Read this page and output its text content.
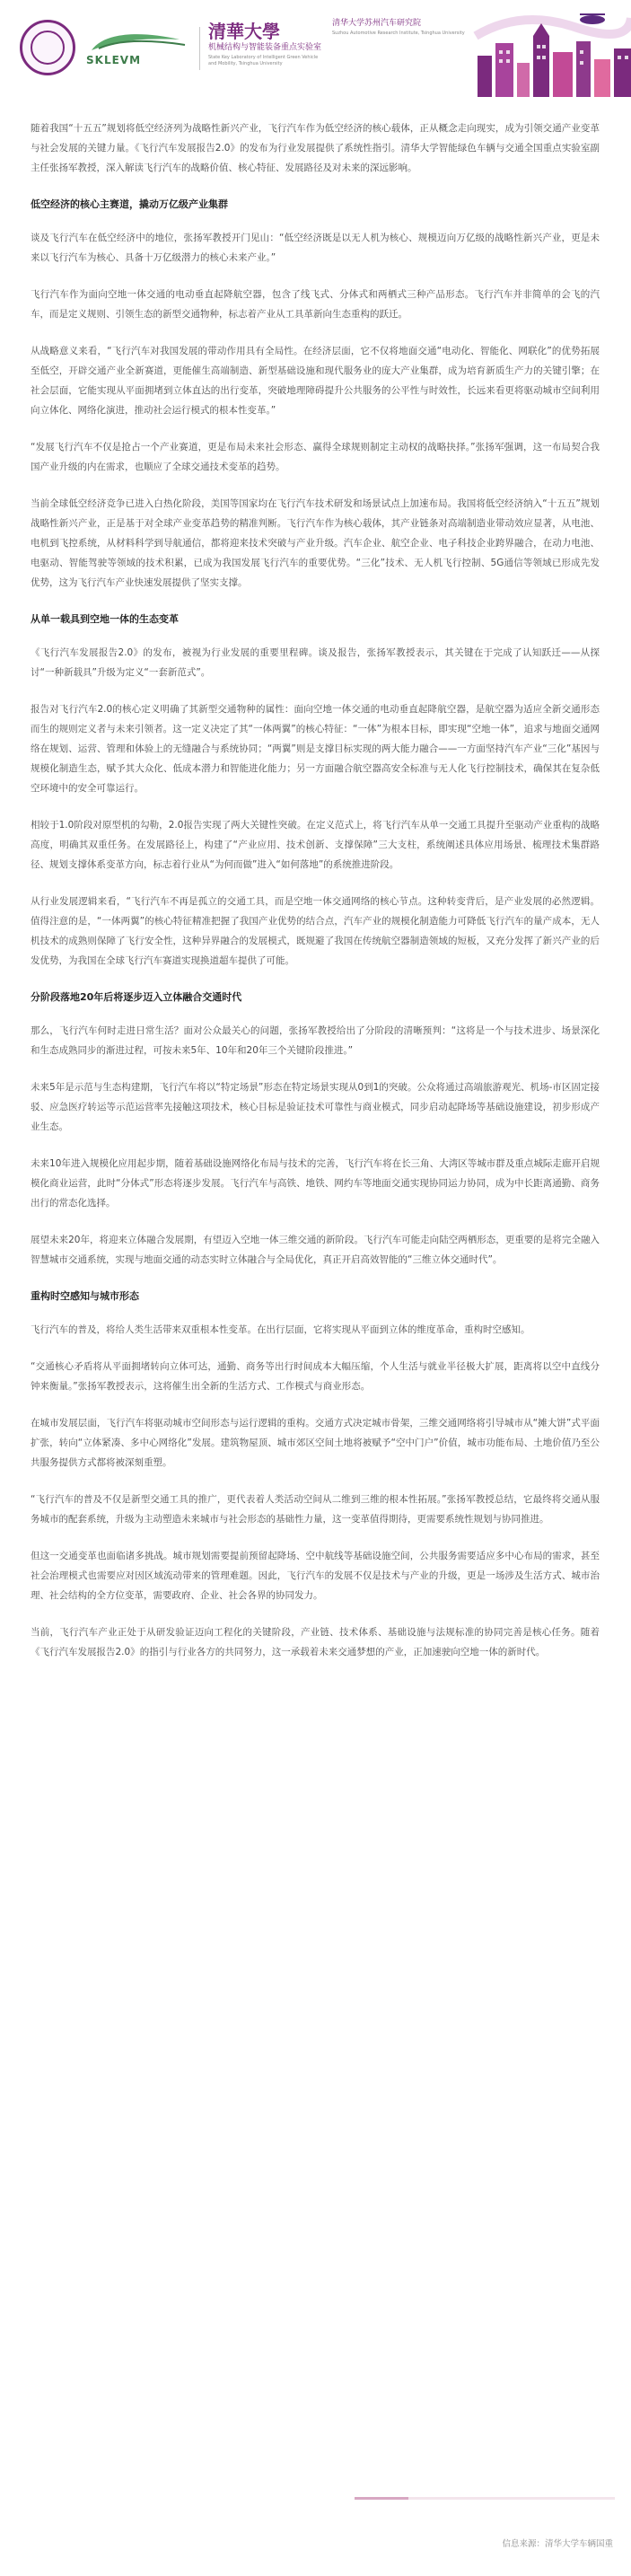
SKLEVM
清華大學
机械结构与智能装备重点实验室
State Key Laboratory of Intelligent Green Vehicle and Mobility, Tsinghua University
清华大学苏州汽车研究院
Suzhou Automotive Research Institute, Tsinghua University

随着我国“十五五”规划将低空经济列为战略性新兴产业，飞行汽车作为低空经济的核心载体，正从概念走向现实，成为引领交通产业变革与社会发展的关键力量。《飞行汽车发展报告2.0》的发布为行业发展提供了系统性指引。清华大学智能绿色车辆与交通全国重点实验室副主任张扬军教授，深入解读飞行汽车的战略价值、核心特征、发展路径及对未来的深远影响。

低空经济的核心主赛道，撬动万亿级产业集群

谈及飞行汽车在低空经济中的地位，张扬军教授开门见山：“低空经济既是以无人机为核心、规模迈向万亿级的战略性新兴产业，更是未来以飞行汽车为核心、具备十万亿级潜力的核心未来产业。”

飞行汽车作为面向空地一体交通的电动垂直起降航空器，包含了线飞式、分体式和两栖式三种产品形态。飞行汽车并非简单的会飞的汽车，而是定义规则、引领生态的新型交通物种，标志着产业从工具革新向生态重构的跃迁。

从战略意义来看，“飞行汽车对我国发展的带动作用具有全局性。在经济层面，它不仅将地面交通“电动化、智能化、网联化”的优势拓展至低空，开辟交通产业全新赛道，更能催生高端制造、新型基础设施和现代服务业的庞大产业集群，成为培育新质生产力的关键引擎；在社会层面，它能实现从平面拥堵到立体直达的出行变革，突破地理障碍提升公共服务的公平性与时效性，长远来看更将驱动城市空间利用向立体化、网络化演进，推动社会运行模式的根本性变革。”

“发展飞行汽车不仅是抢占一个产业赛道，更是布局未来社会形态、赢得全球规则制定主动权的战略抉择。”张扬军强调，这一布局契合我国产业升级的内在需求，也顺应了全球交通技术变革的趋势。

当前全球低空经济竞争已进入白热化阶段，美国等国家均在飞行汽车技术研发和场景试点上加速布局。我国将低空经济纳入“十五五”规划战略性新兴产业，正是基于对全球产业变革趋势的精准判断。飞行汽车作为核心载体，其产业链条对高端制造业带动效应显著，从电池、电机到飞控系统，从材料科学到导航通信，都将迎来技术突破与产业升级。汽车企业、航空企业、电子科技企业跨界融合，在动力电池、电驱动、智能驾驶等领域的技术积累，已成为我国发展飞行汽车的重要优势。“三化”技术、无人机飞行控制、5G通信等领域已形成先发优势，这为飞行汽车产业快速发展提供了坚实支撑。

从单一载具到空地一体的生态变革

《飞行汽车发展报告2.0》的发布，被视为行业发展的重要里程碑。谈及报告，张扬军教授表示，其关键在于完成了认知跃迁——从探讨“一种新载具”升级为定义“一套新范式”。

报告对飞行汽车2.0的核心定义明确了其新型交通物种的属性：面向空地一体交通的电动垂直起降航空器，是航空器为适应全新交通形态而生的规则定义者与未来引领者。这一定义决定了其“一体两翼”的核心特征：“一体”为根本目标，即实现“空地一体”，追求与地面交通网络在规划、运营、管理和体验上的无缝融合与系统协同；“两翼”则是支撑目标实现的两大能力融合——一方面坚持汽车产业“三化”基因与规模化制造生态，赋予其大众化、低成本潜力和智能进化能力；另一方面融合航空器高安全标准与无人化飞行控制技术，确保其在复杂低空环境中的安全可靠运行。

相较于1.0阶段对原型机的勾勒，2.0报告实现了两大关键性突破。在定义范式上，将飞行汽车从单一交通工具提升至驱动产业重构的战略高度，明确其双重任务。在发展路径上，构建了“产业应用、技术创新、支撑保障”三大支柱，系统阐述具体应用场景、梳理技术集群路径、规划支撑体系变革方向，标志着行业从“为何而做”进入“如何落地”的系统推进阶段。

从行业发展逻辑来看，“飞行汽车不再是孤立的交通工具，而是空地一体交通网络的核心节点。这种转变背后，是产业发展的必然逻辑。值得注意的是，“一体两翼”的核心特征精准把握了我国产业优势的结合点，汽车产业的规模化制造能力可降低飞行汽车的量产成本，无人机技术的成熟则保障了飞行安全性，这种异界融合的发展模式，既规避了我国在传统航空器制造领域的短板，又充分发挥了新兴产业的后发优势，为我国在全球飞行汽车赛道实现换道超车提供了可能。

分阶段落地20年后将逐步迈入立体融合交通时代

那么，飞行汽车何时走进日常生活？面对公众最关心的问题，张扬军教授给出了分阶段的清晰预判：“这将是一个与技术进步、场景深化和生态成熟同步的渐进过程，可按未来5年、10年和20年三个关键阶段推进。”

未来5年是示范与生态构建期，飞行汽车将以“特定场景”形态在特定场景实现从0到1的突破。公众将通过高端旅游观光、机场-市区固定接驳、应急医疗转运等示范运营率先接触这项技术，核心目标是验证技术可靠性与商业模式，同步启动起降场等基础设施建设，初步形成产业生态。

未来10年进入规模化应用起步期，随着基础设施网络化布局与技术的完善，飞行汽车将在长三角、大湾区等城市群及重点城际走廊开启规模化商业运营，此时“分体式”形态将逐步发展。飞行汽车与高铁、地铁、网约车等地面交通实现协同运力协同，成为中长距离通勤、商务出行的常态化选择。

展望未来20年，将迎来立体融合发展期，有望迈入空地一体三维交通的新阶段。飞行汽车可能走向陆空两栖形态，更重要的是将完全融入智慧城市交通系统，实现与地面交通的动态实时立体融合与全局优化，真正开启高效智能的“三维立体交通时代”。

重构时空感知与城市形态

飞行汽车的普及，将给人类生活带来双重根本性变革。在出行层面，它将实现从平面到立体的维度革命，重构时空感知。

“交通核心矛盾将从平面拥堵转向立体可达，通勤、商务等出行时间成本大幅压缩，个人生活与就业半径极大扩展，距离将以空中直线分钟来衡量。”张扬军教授表示，这将催生出全新的生活方式、工作模式与商业形态。

在城市发展层面，飞行汽车将驱动城市空间形态与运行逻辑的重构。交通方式决定城市骨架，三维交通网络将引导城市从“摊大饼”式平面扩张，转向“立体紧凑、多中心网络化”发展。建筑物屋顶、城市郊区空间土地将被赋予“空中门户”价值，城市功能布局、土地价值乃至公共服务提供方式都将被深刻重塑。

“飞行汽车的普及不仅是新型交通工具的推广，更代表着人类活动空间从二维到三维的根本性拓展。”张扬军教授总结，它最终将交通从服务城市的配套系统，升级为主动塑造未来城市与社会形态的基础性力量，这一变革值得期待，更需要系统性规划与协同推进。

但这一交通变革也面临诸多挑战。城市规划需要提前预留起降场、空中航线等基础设施空间，公共服务需要适应多中心布局的需求，甚至社会治理模式也需要应对因区域流动带来的管理难题。因此，飞行汽车的发展不仅是技术与产业的升级，更是一场涉及生活方式、城市治理、社会结构的全方位变革，需要政府、企业、社会各界的协同发力。

当前，飞行汽车产业正处于从研发验证迈向工程化的关键阶段，产业链、技术体系、基础设施与法规标准的协同完善是核心任务。随着《飞行汽车发展报告2.0》的指引与行业各方的共同努力，这一承载着未来交通梦想的产业，正加速驶向空地一体的新时代。

信息来源：清华大学车辆国重
